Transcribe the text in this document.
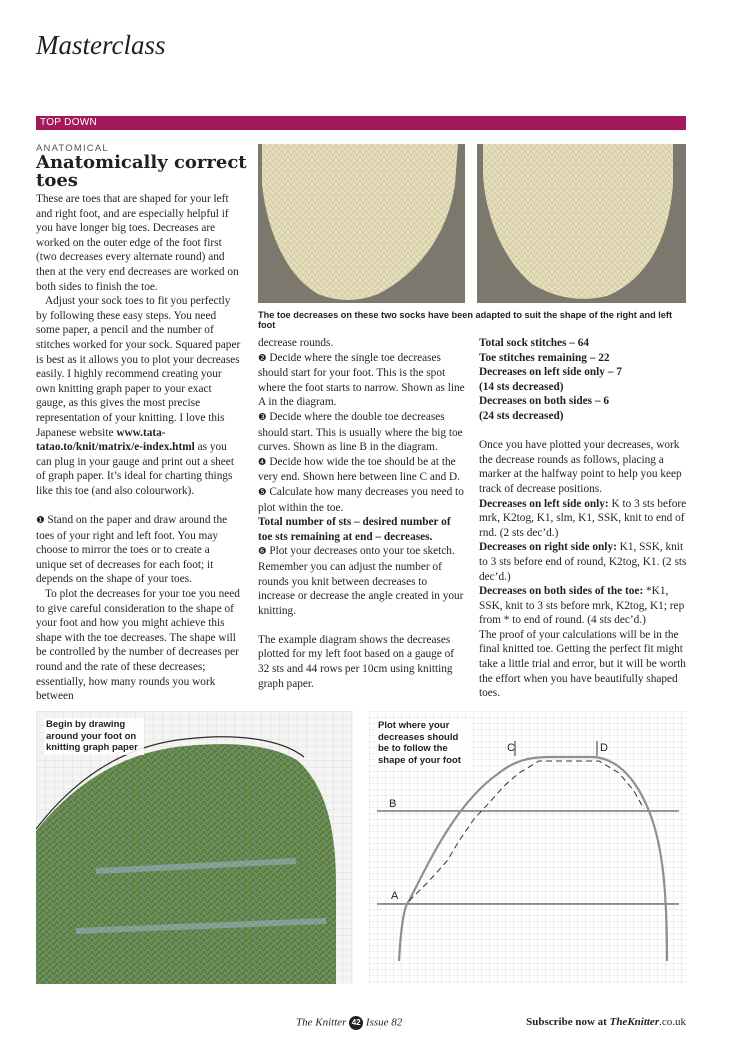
Masterclass
TOP DOWN
ANATOMICAL
Anatomically correct toes

These are toes that are shaped for your left and right foot, and are especially helpful if you have longer big toes. Decreases are worked on the outer edge of the foot first (two decreases every alternate round) and then at the very end decreases are worked on both sides to finish the toe.

Adjust your sock toes to fit you perfectly by following these easy steps. You need some paper, a pencil and the number of stitches worked for your sock. Squared paper is best as it allows you to plot your decreases easily. I highly recommend creating your own knitting graph paper to your exact gauge, as this gives the most precise representation of your knitting. I love this Japanese website www.tata-tatao.to/knit/matrix/e-index.html as you can plug in your gauge and print out a sheet of graph paper. It’s ideal for charting things like this toe (and also colourwork).

❶ Stand on the paper and draw around the toes of your right and left foot. You may choose to mirror the toes or to create a unique set of decreases for each foot; it depends on the shape of your toes.

To plot the decreases for your toe you need to give careful consideration to the shape of your foot and how you might achieve this shape with the toe decreases. The shape will be controlled by the number of decreases per round and the rate of these decreases; essentially, how many rounds you work between

The toe decreases on these two socks have been adapted to suit the shape of the right and left foot

decrease rounds.

❷ Decide where the single toe decreases should start for your foot. This is the spot where the foot starts to narrow. Shown as line A in the diagram.

❸ Decide where the double toe decreases should start. This is usually where the big toe curves. Shown as line B in the diagram.

❹ Decide how wide the toe should be at the very end. Shown here between line C and D.

❺ Calculate how many decreases you need to plot within the toe.

Total number of sts – desired number of toe sts remaining at end – decreases.

❻ Plot your decreases onto your toe sketch. Remember you can adjust the number of rounds you knit between decreases to increase or decrease the angle created in your knitting.

The example diagram shows the decreases plotted for my left foot based on a gauge of 32 sts and 44 rows per 10cm using knitting graph paper.

Total sock stitches – 64

Toe stitches remaining – 22

Decreases on left side only – 7

(14 sts decreased)

Decreases on both sides – 6

(24 sts decreased)

Once you have plotted your decreases, work the decrease rounds as follows, placing a marker at the halfway point to help you keep track of decrease positions.

Decreases on left side only: K to 3 sts before mrk, K2tog, K1, slm, K1, SSK, knit to end of rnd. (2 sts dec’d.)

Decreases on right side only: K1, SSK, knit to 3 sts before end of round, K2tog, K1. (2 sts dec’d.)

Decreases on both sides of the toe: *K1, SSK, knit to 3 sts before mrk, K2tog, K1; rep from * to end of round. (4 sts dec’d.)

The proof of your calculations will be in the final knitted toe. Getting the perfect fit might take a little trial and error, but it will be worth the effort when you have beautifully shaped toes.

Begin by drawing around your foot on knitting graph paper	C	D
B
A
Plot where your decreases should be to follow the shape of your foot
The Knitter 42 Issue 82	Subscribe now at TheKnitter.co.uk
